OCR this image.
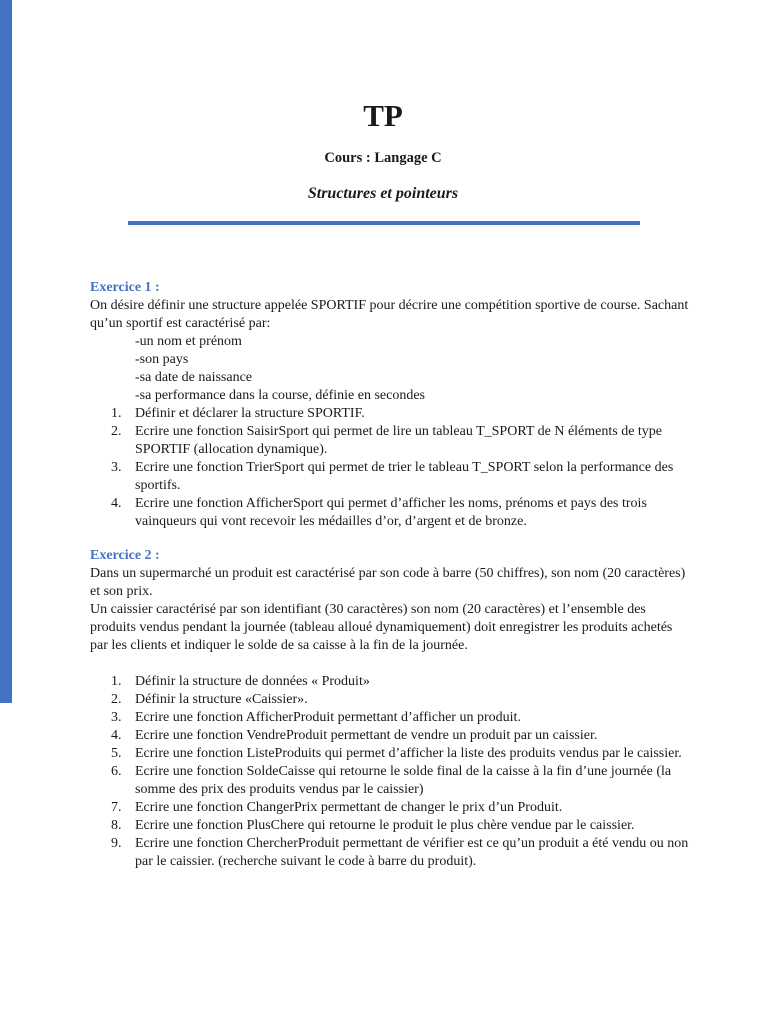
TP
Cours : Langage C
Structures et pointeurs
Exercice 1 :

On désire définir une structure appelée SPORTIF pour décrire une compétition sportive de course. Sachant qu’un sportif est caractérisé par:

-un nom et prénom
-son pays
-sa date de naissance
-sa performance dans la course, définie en secondes
1. Définir et déclarer la structure SPORTIF.
2. Ecrire une fonction SaisirSport qui permet de lire un tableau T_SPORT de N éléments de type SPORTIF (allocation dynamique).
3. Ecrire une fonction TrierSport qui permet de trier le tableau T_SPORT selon la performance des sportifs.
4. Ecrire une fonction AfficherSport qui permet d’afficher les noms, prénoms et pays des trois vainqueurs qui vont recevoir les médailles d’or, d’argent et de bronze.
Exercice 2 :

Dans un supermarché un produit est caractérisé par son code à barre (50 chiffres), son nom (20 caractères) et son prix.

Un caissier caractérisé par son identifiant (30 caractères) son nom (20 caractères) et l’ensemble des produits vendus pendant la journée (tableau alloué dynamiquement) doit enregistrer les produits achetés par les clients et indiquer le solde de sa caisse à la fin de la journée.

1. Définir la structure de données « Produit»
2. Définir la structure «Caissier».
3. Ecrire une fonction AfficherProduit permettant d’afficher un produit.
4. Ecrire une fonction VendreProduit permettant de vendre un produit par un caissier.
5. Ecrire une fonction ListeProduits qui permet d’afficher la liste des produits vendus par le caissier.
6. Ecrire une fonction SoldeCaisse qui retourne le solde final de la caisse à la fin d’une journée (la somme des prix des produits vendus par le caissier)
7. Ecrire une fonction ChangerPrix permettant de changer le prix d’un Produit.
8. Ecrire une fonction PlusChere qui retourne le produit le plus chère vendue par le caissier.
9. Ecrire une fonction ChercherProduit permettant de vérifier est ce qu’un produit a été vendu ou non par le caissier. (recherche suivant le code à barre du produit).
